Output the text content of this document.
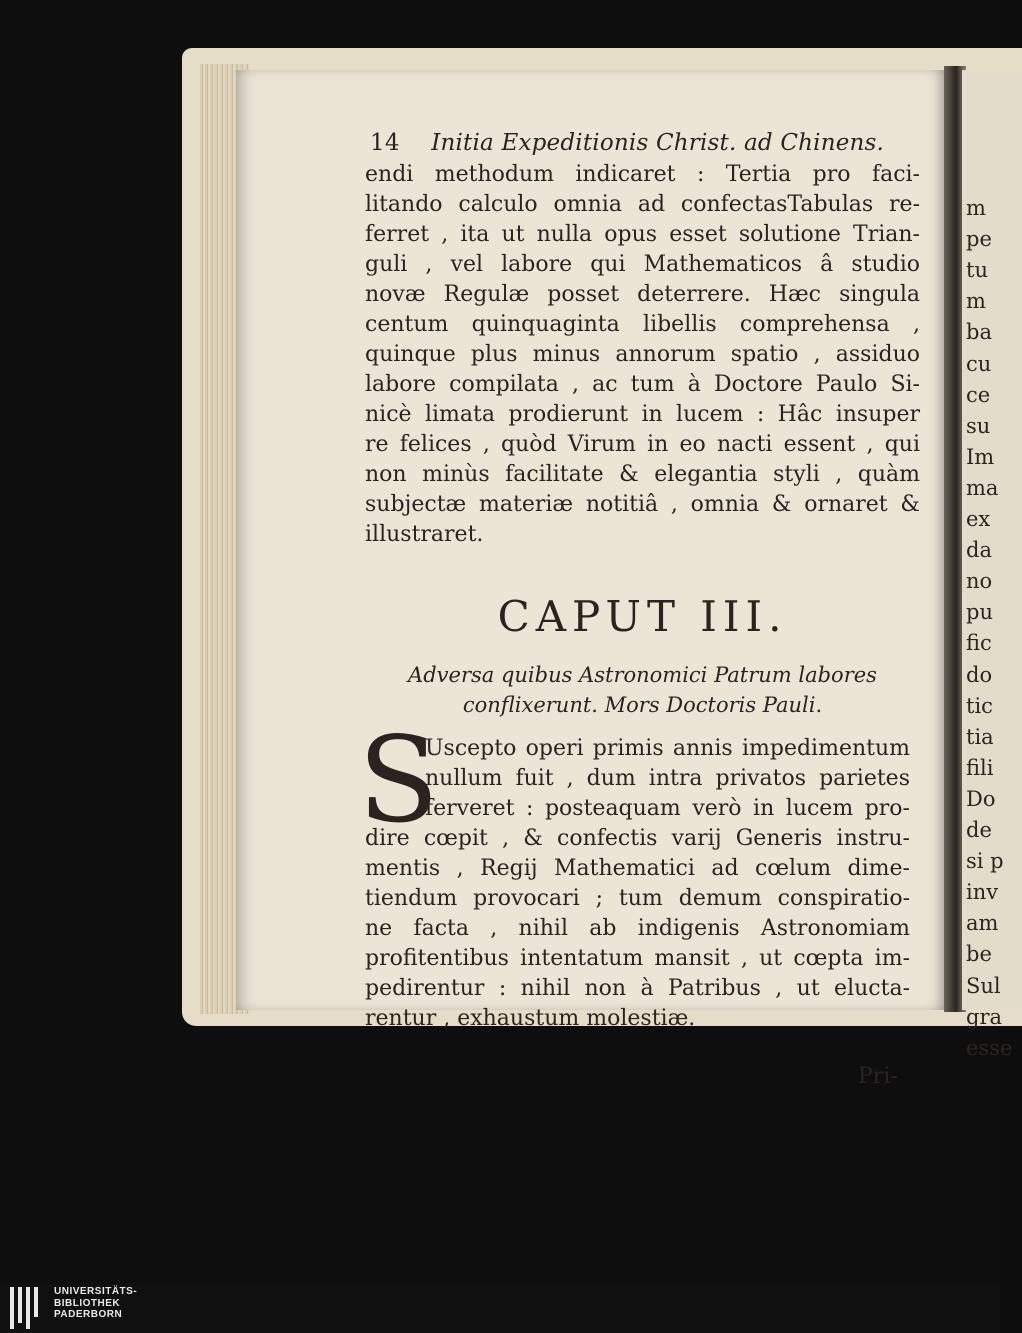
m
pe
tu
m
ba
cu
ce
su
Im
ma
ex
da
no
pu
fic
do
tic
tia
fili
Do
de
si p
inv
am
be
Sul
gra
esse
14 Initia Expeditionis Christ. ad Chinens.
endi methodum indicaret : Tertia pro faci-
litando calculo omnia ad confectasTabulas re-
ferret , ita ut nulla opus esset solutione Trian-
guli , vel labore qui Mathematicos â studio
novæ Regulæ posset deterrere. Hæc singula
centum quinquaginta libellis comprehensa ,
quinque plus minus annorum spatio , assiduo
labore compilata , ac tum à Doctore Paulo Si-
nicè limata prodierunt in lucem : Hâc insuper
re felices , quòd Virum in eo nacti essent , qui
non minùs facilitate & elegantia styli , quàm
subjectæ materiæ notitiâ , omnia & ornaret &
illustraret.
CAPUT III.
Adversa quibus Astronomici Patrum labores
conflixerunt. Mors Doctoris Pauli.
S
Uscepto operi primis annis impedimentum
nullum fuit , dum intra privatos parietes
ferveret : posteaquam verò in lucem pro-
dire cœpit , & confectis varij Generis instru-
mentis , Regij Mathematici ad cœlum dime-
tiendum provocari ; tum demum conspiratio-
ne facta , nihil ab indigenis Astronomiam
profitentibus intentatum mansit , ut cœpta im-
pedirentur : nihil non à Patribus , ut elucta-
rentur , exhaustum molestiæ.
Pri-
UNIVERSITÄTS-
BIBLIOTHEK
PADERBORN
